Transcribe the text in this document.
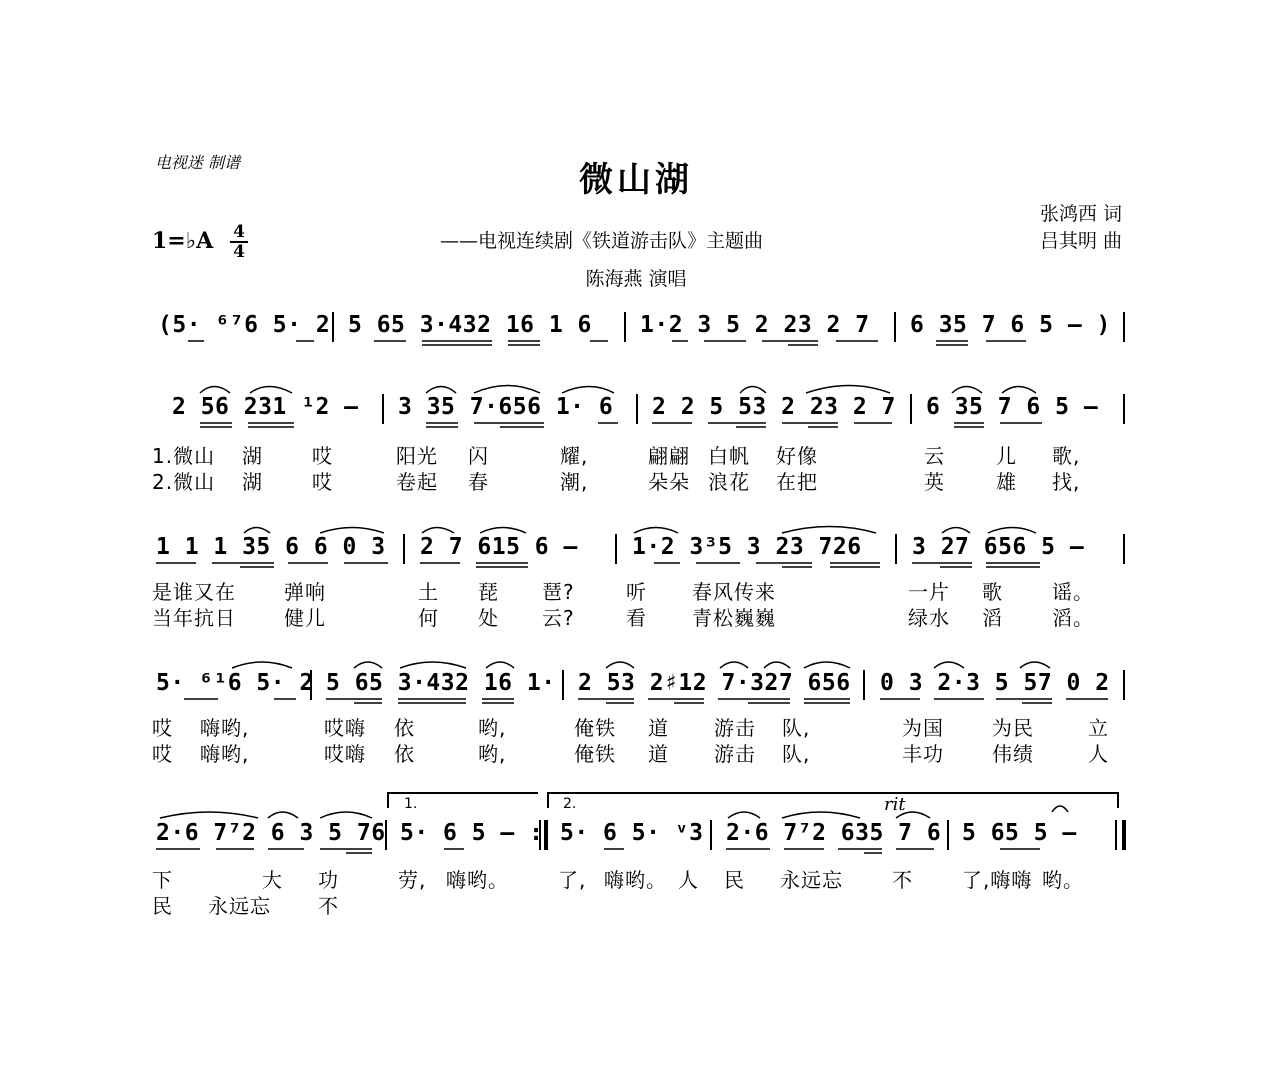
电视迷 制谱	微山湖
——电视连续剧《铁道游击队》主题曲
陈海燕 演唱
张鸿西 词
吕其明 曲
1=♭A 4
4
(5· ⁶⁷6 5· 2 5 65 3·432 16 1 6 1·2 3 5 2 23 2 7 6 35 7 6 5 – )
2 56 231 ¹2 – 3 35 7·656 1· 6 2 2 5 53 2 23 2 7 6 35 7 6 5 –
1.微山 湖 哎	阳光 闪	耀,	翩翩 白帆 好像	云	儿 歌,
2.微山 湖 哎	卷起 春	潮,	朵朵 浪花 在把	英	雄 找,
1 1 1 35 6 6 0 3 2 7 615 6 – 1·2 3³5 3 23 726 3 27 656 5 –
是谁又在 弹响	土 琵 琶?	听 春风传来	一片 歌 谣。
当年抗日 健儿	何 处 云?	看 青松巍巍	绿水 滔 滔。
5· ⁶¹6 5· 2 5 65 3·432 16 1· 2 53 2♯12 7·327 656 0 3 2·3 5 57 0 2
哎 嗨哟,	哎嗨 依	哟,	俺铁 道 游击 队,	为国 为民	立
哎 嗨哟,	哎嗨 依	哟,	俺铁 道 游击 队,	丰功 伟绩	人
2·6 7⁷2 6 3 5 76 5· 6 5 – : 5· 6 5· ᵛ3 2·6 7⁷2 635 7 6 5 65 5 –
1.	2.	rit
下	大 功	劳, 嗨哟。 了, 嗨哟。 人 民 永远忘 不 了,嗨嗨 哟。
民 永远忘 不
